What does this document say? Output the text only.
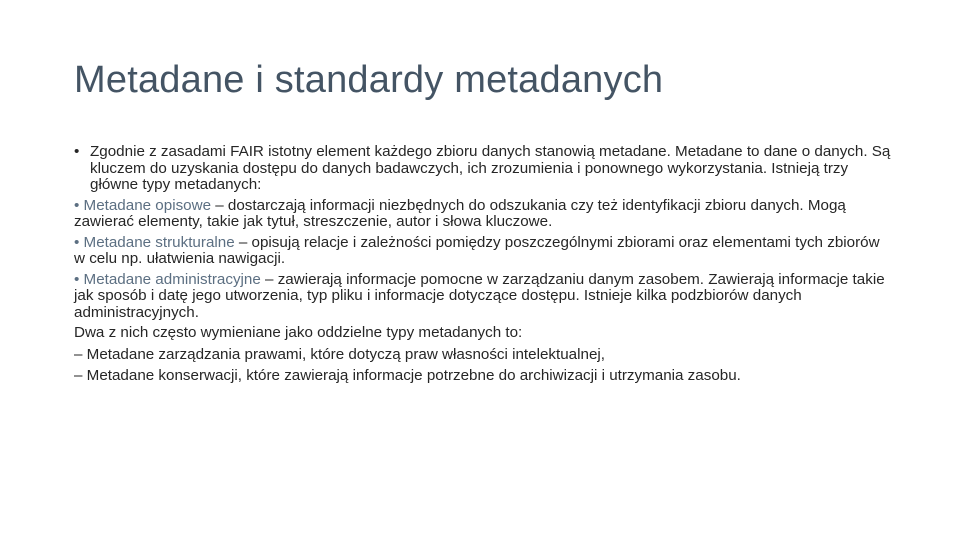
Metadane i standardy metadanych

• Zgodnie z zasadami FAIR istotny element każdego zbioru danych stanowią metadane. Metadane to dane o danych. Są kluczem do uzyskania dostępu do danych badawczych, ich zrozumienia i ponownego wykorzystania. Istnieją trzy główne typy metadanych:

• Metadane opisowe – dostarczają informacji niezbędnych do odszukania czy też identyfikacji zbioru danych. Mogą zawierać elementy, takie jak tytuł, streszczenie, autor i słowa kluczowe.

• Metadane strukturalne – opisują relacje i zależności pomiędzy poszczególnymi zbiorami oraz elementami tych zbiorów w celu np. ułatwienia nawigacji.

• Metadane administracyjne – zawierają informacje pomocne w zarządzaniu danym zasobem. Zawierają informacje takie jak sposób i datę jego utworzenia, typ pliku i informacje dotyczące dostępu. Istnieje kilka podzbiorów danych administracyjnych.

Dwa z nich często wymieniane jako oddzielne typy metadanych to:

– Metadane zarządzania prawami, które dotyczą praw własności intelektualnej,

– Metadane konserwacji, które zawierają informacje potrzebne do archiwizacji i utrzymania zasobu.
